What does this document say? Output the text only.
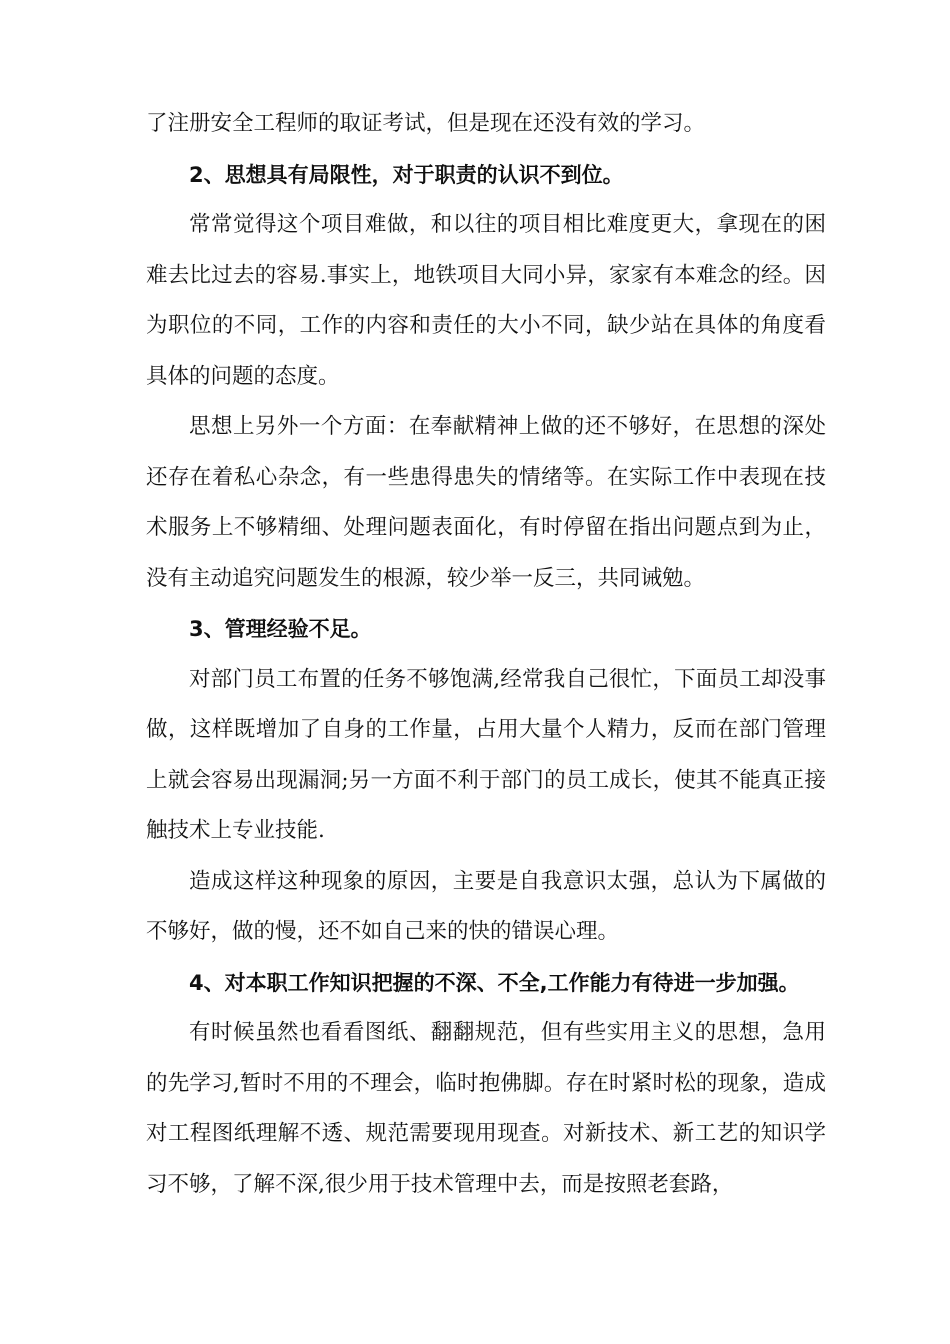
了注册安全工程师的取证考试，但是现在还没有效的学习。

2、思想具有局限性，对于职责的认识不到位。

常常觉得这个项目难做，和以往的项目相比难度更大，拿现在的困难去比过去的容易.事实上，地铁项目大同小异，家家有本难念的经。因为职位的不同，工作的内容和责任的大小不同，缺少站在具体的角度看具体的问题的态度。

思想上另外一个方面：在奉献精神上做的还不够好，在思想的深处还存在着私心杂念，有一些患得患失的情绪等。在实际工作中表现在技术服务上不够精细、处理问题表面化，有时停留在指出问题点到为止，没有主动追究问题发生的根源，较少举一反三，共同诫勉。

3、管理经验不足。

对部门员工布置的任务不够饱满,经常我自己很忙，下面员工却没事做，这样既增加了自身的工作量，占用大量个人精力，反而在部门管理上就会容易出现漏洞;另一方面不利于部门的员工成长，使其不能真正接触技术上专业技能.

造成这样这种现象的原因，主要是自我意识太强，总认为下属做的不够好，做的慢，还不如自己来的快的错误心理。

4、对本职工作知识把握的不深、不全,工作能力有待进一步加强。

有时候虽然也看看图纸、翻翻规范，但有些实用主义的思想，急用的先学习,暂时不用的不理会，临时抱佛脚。存在时紧时松的现象，造成对工程图纸理解不透、规范需要现用现查。对新技术、新工艺的知识学习不够，了解不深,很少用于技术管理中去，而是按照老套路，
